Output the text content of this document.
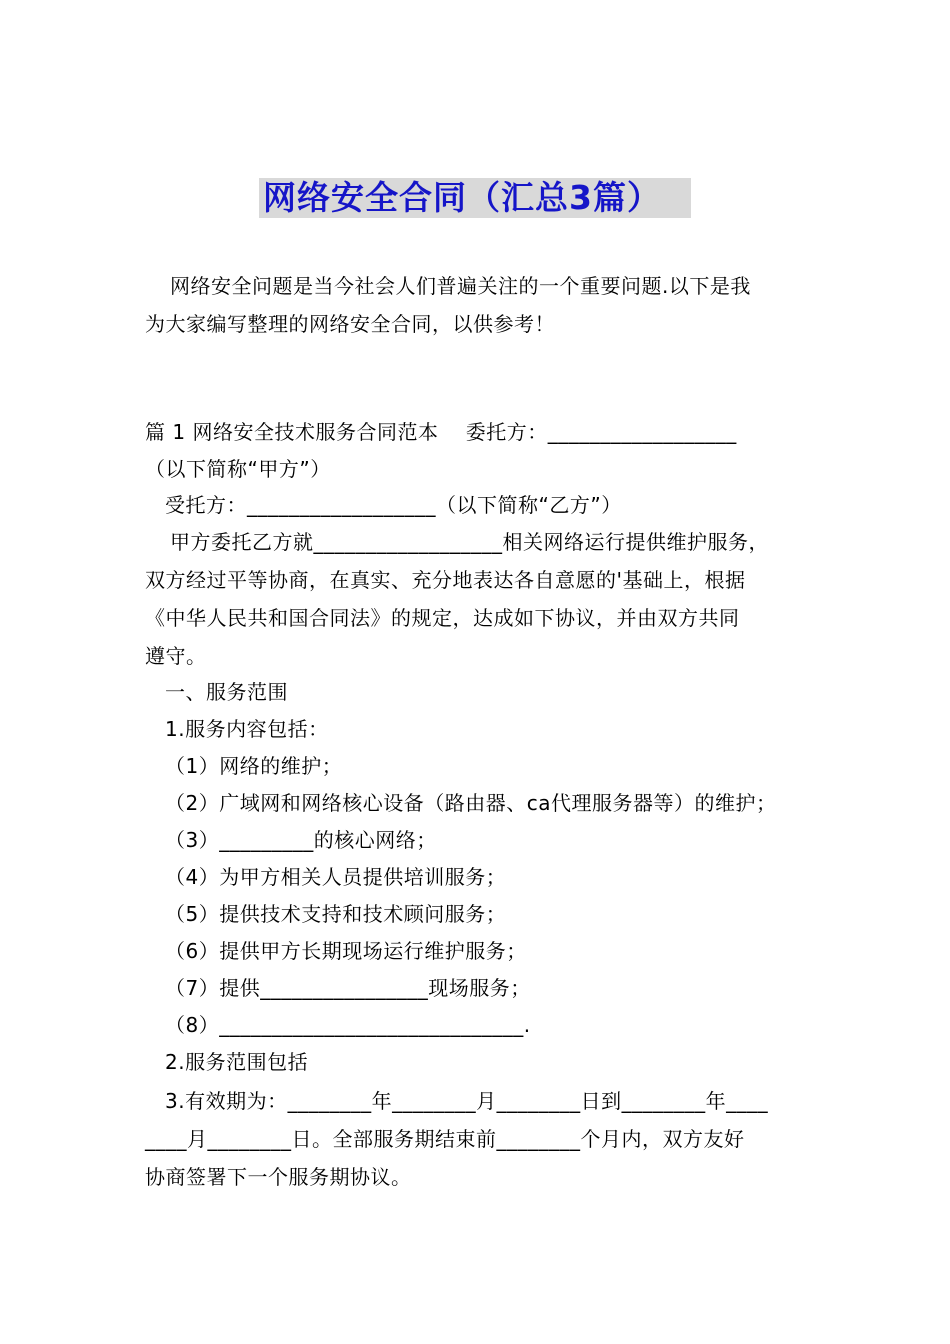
网络安全合同（汇总3篇）
网络安全问题是当今社会人们普遍关注的一个重要问题.以下是我
为大家编写整理的网络安全合同，以供参考！
篇 1 网络安全技术服务合同范本　 委托方：__________________
（以下简称“甲方”）
受托方：__________________（以下简称“乙方”）
甲方委托乙方就__________________相关网络运行提供维护服务，
双方经过平等协商，在真实、充分地表达各自意愿的'基础上，根据
《中华人民共和国合同法》的规定，达成如下协议，并由双方共同
遵守。
一、服务范围
1.服务内容包括：
（1）网络的维护；
（2）广域网和网络核心设备（路由器、ca代理服务器等）的维护；
（3）_________的核心网络；
（4）为甲方相关人员提供培训服务；
（5）提供技术支持和技术顾问服务；
（6）提供甲方长期现场运行维护服务；
（7）提供________________现场服务；
（8）_____________________________.
2.服务范围包括
3.有效期为：________年________月________日到________年____
____月________日。全部服务期结束前________个月内，双方友好
协商签署下一个服务期协议。
